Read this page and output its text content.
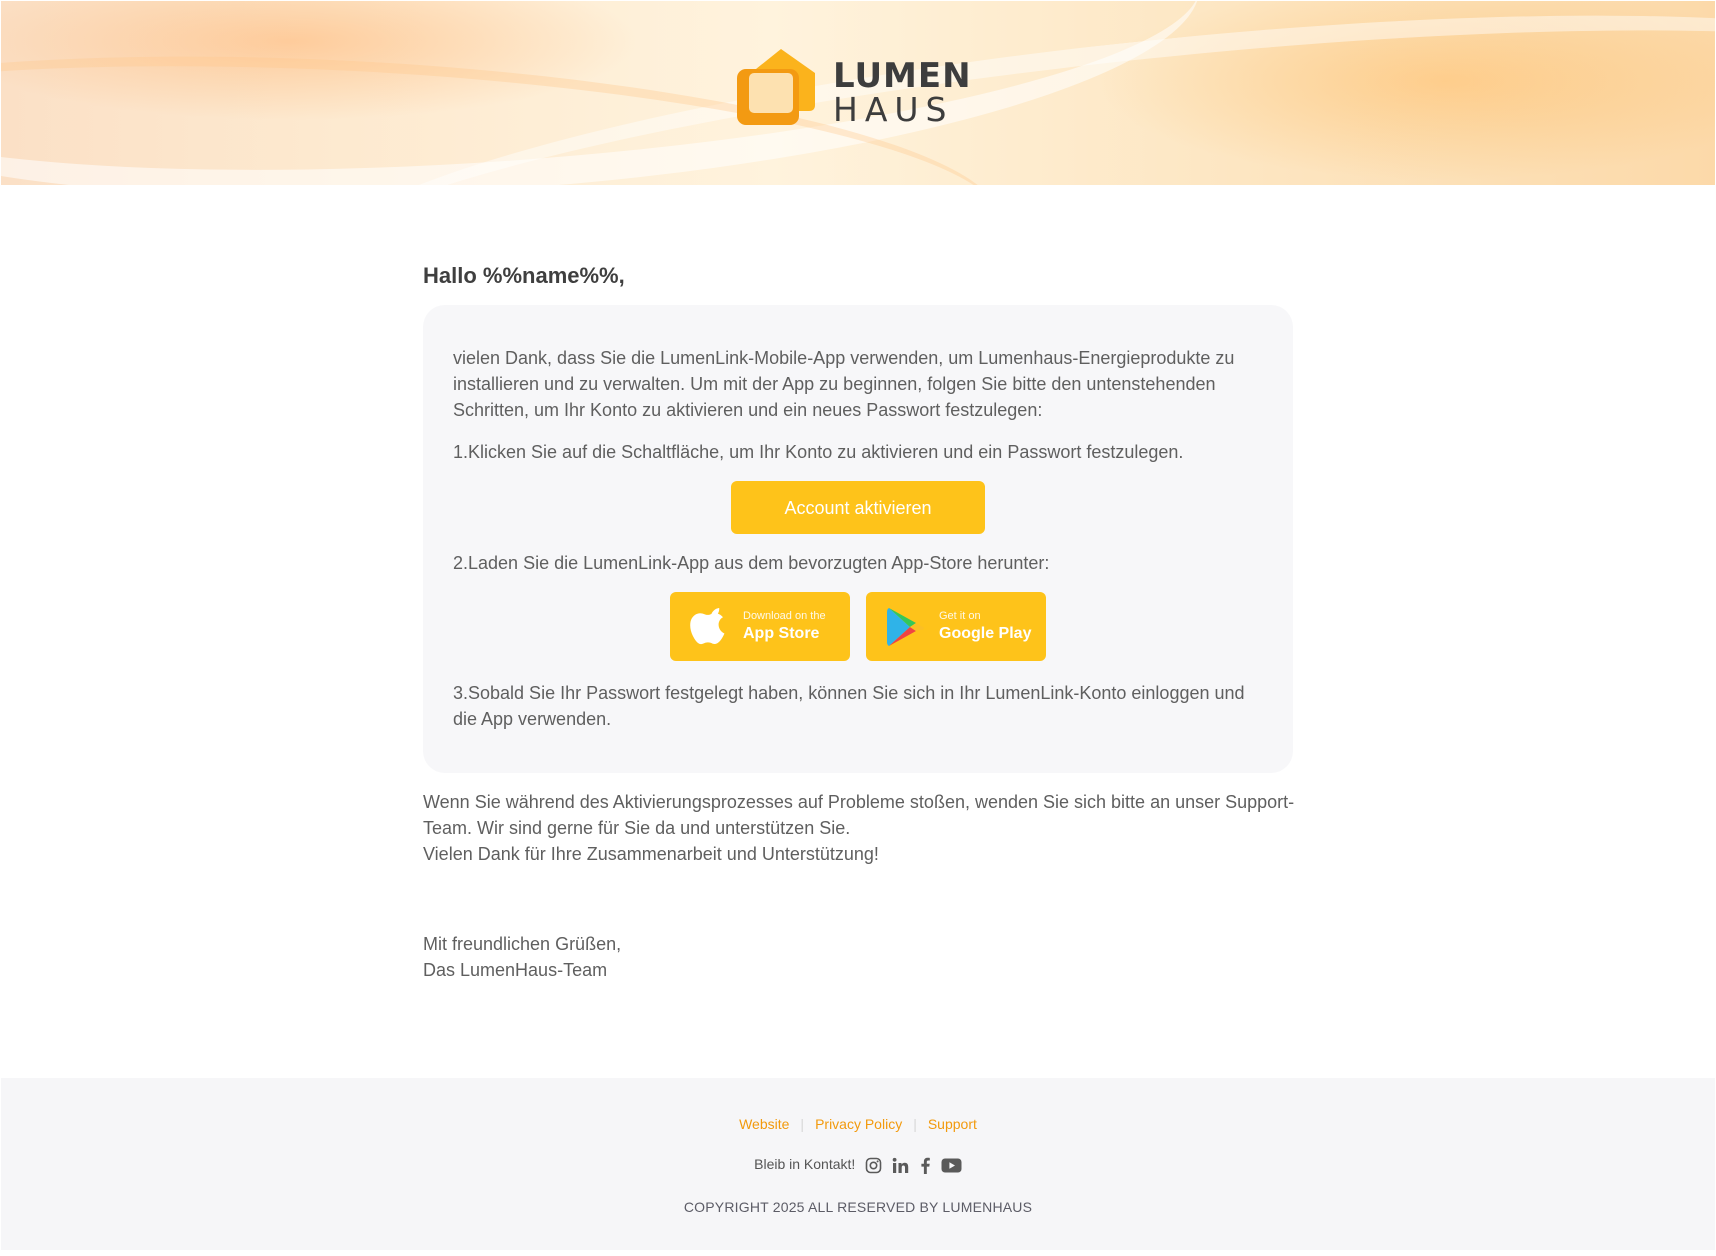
LUMEN
HAUS
Hallo %%name%%,
vielen Dank, dass Sie die LumenLink-Mobile-App verwenden, um Lumenhaus-Energieprodukte zu installieren und zu verwalten. Um mit der App zu beginnen, folgen Sie bitte den untenstehenden Schritten, um Ihr Konto zu aktivieren und ein neues Passwort festzulegen:
1.Klicken Sie auf die Schaltfläche, um Ihr Konto zu aktivieren und ein Passwort festzulegen.
Account aktivieren
2.Laden Sie die LumenLink-App aus dem bevorzugten App-Store herunter:
Download on the
App Store
Get it on
Google Play
3.Sobald Sie Ihr Passwort festgelegt haben, können Sie sich in Ihr LumenLink-Konto einloggen und die App verwenden.
Wenn Sie während des Aktivierungsprozesses auf Probleme stoßen, wenden Sie sich bitte an unser Support-Team. Wir sind gerne für Sie da und unterstützen Sie.
Vielen Dank für Ihre Zusammenarbeit und Unterstützung!
Mit freundlichen Grüßen,
Das LumenHaus-Team
Website | Privacy Policy | Support
Bleib in Kontakt!
COPYRIGHT 2025 ALL RESERVED BY LUMENHAUS
